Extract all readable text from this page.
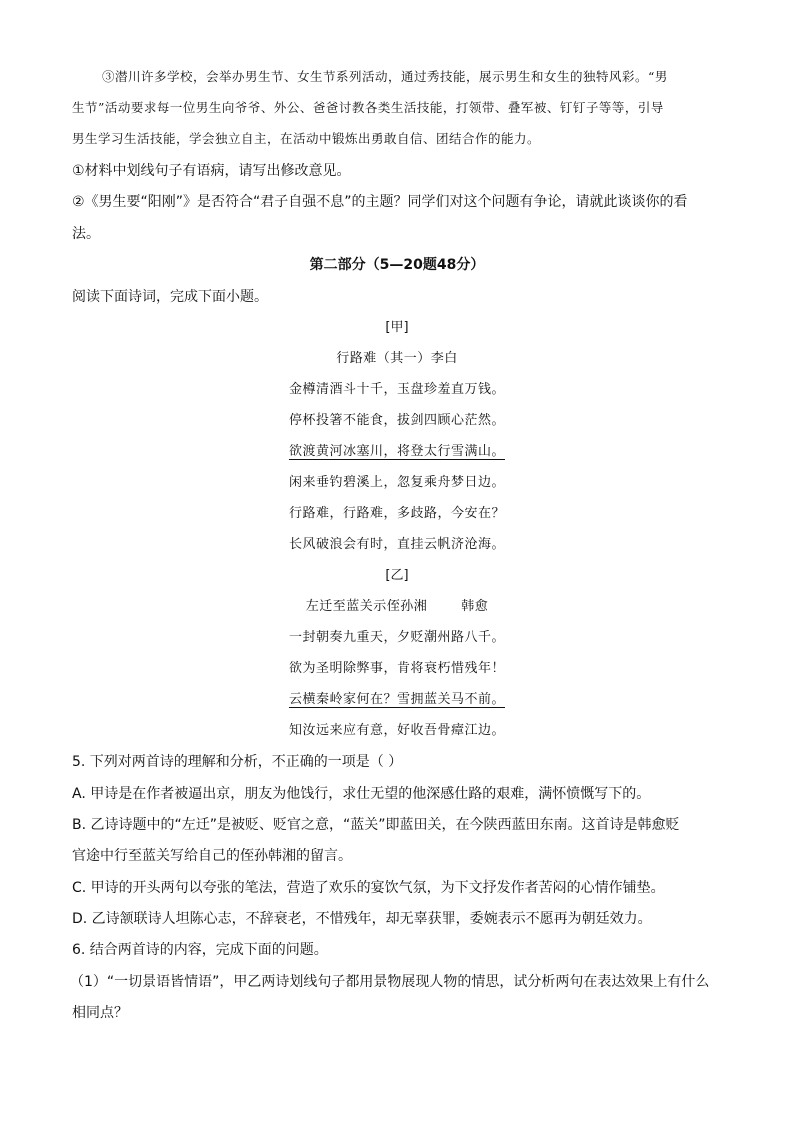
③潜川许多学校，会举办男生节、女生节系列活动，通过秀技能，展示男生和女生的独特风彩。“男
生节”活动要求每一位男生向爷爷、外公、爸爸讨教各类生活技能，打领带、叠军被、钉钉子等等，引导
男生学习生活技能，学会独立自主，在活动中锻炼出勇敢自信、团结合作的能力。
①材料中划线句子有语病，请写出修改意见。
②《男生要“阳刚”》是否符合“君子自强不息”的主题？同学们对这个问题有争论，请就此谈谈你的看
法。
第二部分（5—20题48分）
阅读下面诗词，完成下面小题。
[甲]
行路难（其一）李白
金樽清酒斗十千，玉盘珍羞直万钱。
停杯投箸不能食，拔剑四顾心茫然。
欲渡黄河冰塞川，将登太行雪满山。
闲来垂钓碧溪上，忽复乘舟梦日边。
行路难，行路难，多歧路，今安在？
长风破浪会有时，直挂云帆济沧海。
[乙]
左迁至蓝关示侄孙湘	韩愈
一封朝奏九重天，夕贬潮州路八千。
欲为圣明除弊事，肯将衰朽惜残年！
云横秦岭家何在？雪拥蓝关马不前。
知汝远来应有意，好收吾骨瘴江边。
5. 下列对两首诗的理解和分析，不正确的一项是（ ）
A. 甲诗是在作者被逼出京，朋友为他饯行，求仕无望的他深感仕路的艰难，满怀愤慨写下的。
B. 乙诗诗题中的“左迁”是被贬、贬官之意，“蓝关”即蓝田关，在今陕西蓝田东南。这首诗是韩愈贬
官途中行至蓝关写给自己的侄孙韩湘的留言。
C. 甲诗的开头两句以夸张的笔法，营造了欢乐的宴饮气氛，为下文抒发作者苦闷的心情作铺垫。
D. 乙诗颔联诗人坦陈心志，不辞衰老，不惜残年，却无辜获罪，委婉表示不愿再为朝廷效力。
6. 结合两首诗的内容，完成下面的问题。
（1）“一切景语皆情语”，甲乙两诗划线句子都用景物展现人物的情思，试分析两句在表达效果上有什么
相同点？
